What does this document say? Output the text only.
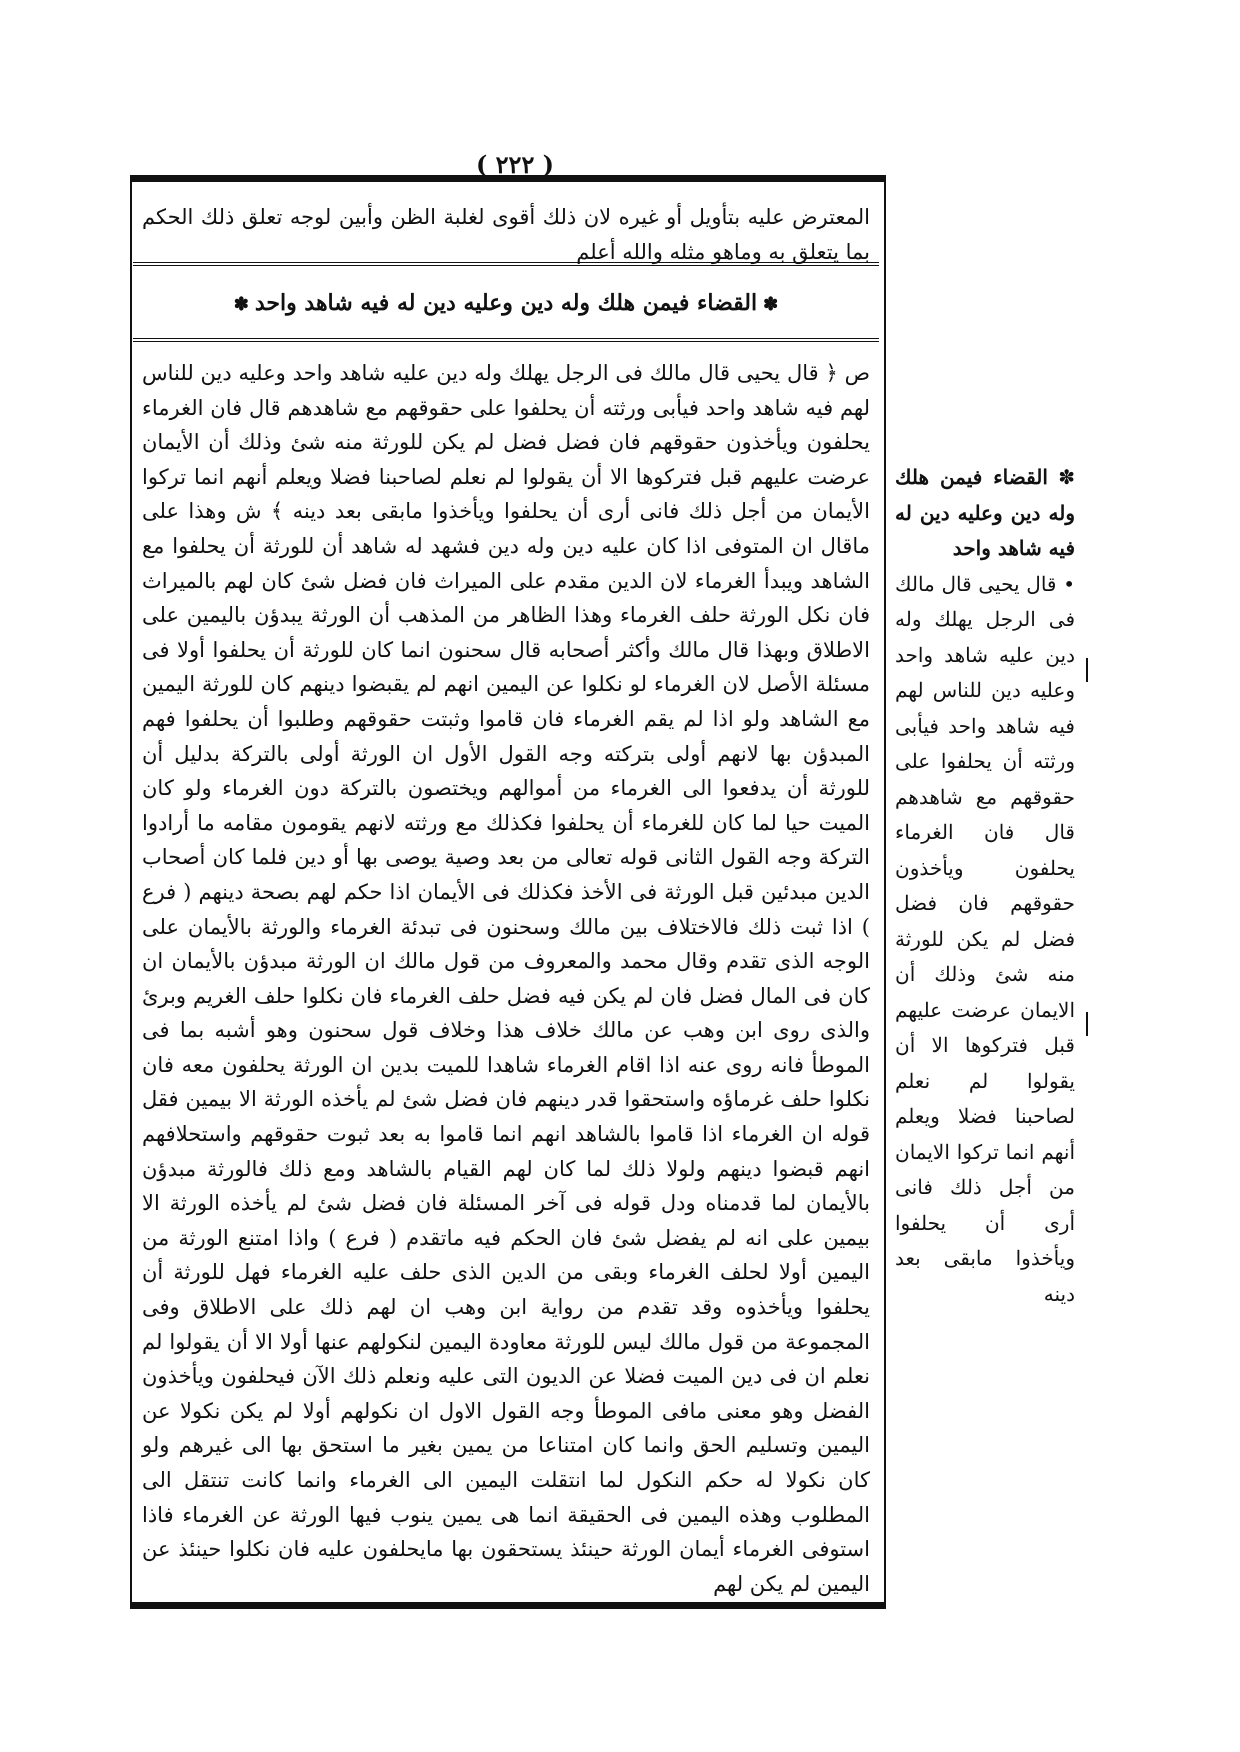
( ٢٢٢ )
المعترض عليه بتأويل أو غيره لان ذلك أقوى لغلبة الظن وأبين لوجه تعلق ذلك الحكم بما يتعلق به وماهو مثله والله أعلم
✽القضاء فيمن هلك وله دين وعليه دين له فيه شاهد واحد✽
ص ﴿ قال يحيى قال مالك فى الرجل يهلك وله دين عليه شاهد واحد وعليه دين للناس لهم فيه شاهد واحد فيأبى ورثته أن يحلفوا على حقوقهم مع شاهدهم قال فان الغرماء يحلفون ويأخذون حقوقهم فان فضل فضل لم يكن للورثة منه شئ وذلك أن الأيمان عرضت عليهم قبل فتركوها الا أن يقولوا لم نعلم لصاحبنا فضلا ويعلم أنهم انما تركوا الأيمان من أجل ذلك فانى أرى أن يحلفوا ويأخذوا مابقى بعد دينه ﴾ ش وهذا على ماقال ان المتوفى اذا كان عليه دين وله دين فشهد له شاهد أن للورثة أن يحلفوا مع الشاهد ويبدأ الغرماء لان الدين مقدم على الميراث فان فضل شئ كان لهم بالميراث فان نكل الورثة حلف الغرماء وهذا الظاهر من المذهب أن الورثة يبدؤن باليمين على الاطلاق وبهذا قال مالك وأكثر أصحابه قال سحنون انما كان للورثة أن يحلفوا أولا فى مسئلة الأصل لان الغرماء لو نكلوا عن اليمين انهم لم يقبضوا دينهم كان للورثة اليمين مع الشاهد ولو اذا لم يقم الغرماء فان قاموا وثبتت حقوقهم وطلبوا أن يحلفوا فهم المبدؤن بها لانهم أولى بتركته وجه القول الأول ان الورثة أولى بالتركة بدليل أن للورثة أن يدفعوا الى الغرماء من أموالهم ويختصون بالتركة دون الغرماء ولو كان الميت حيا لما كان للغرماء أن يحلفوا فكذلك مع ورثته لانهم يقومون مقامه ما أرادوا التركة وجه القول الثانى قوله تعالى من بعد وصية يوصى بها أو دين فلما كان أصحاب الدين مبدئين قبل الورثة فى الأخذ فكذلك فى الأيمان اذا حكم لهم بصحة دينهم ( فرع ) اذا ثبت ذلك فالاختلاف بين مالك وسحنون فى تبدئة الغرماء والورثة بالأيمان على الوجه الذى تقدم وقال محمد والمعروف من قول مالك ان الورثة مبدؤن بالأيمان ان كان فى المال فضل فان لم يكن فيه فضل حلف الغرماء فان نكلوا حلف الغريم وبرئ والذى روى ابن وهب عن مالك خلاف هذا وخلاف قول سحنون وهو أشبه بما فى الموطأ فانه روى عنه اذا اقام الغرماء شاهدا للميت بدين ان الورثة يحلفون معه فان نكلوا حلف غرماؤه واستحقوا قدر دينهم فان فضل شئ لم يأخذه الورثة الا بيمين فقل قوله ان الغرماء اذا قاموا بالشاهد انهم انما قاموا به بعد ثبوت حقوقهم واستحلافهم انهم قبضوا دينهم ولولا ذلك لما كان لهم القيام بالشاهد ومع ذلك فالورثة مبدؤن بالأيمان لما قدمناه ودل قوله فى آخر المسئلة فان فضل شئ لم يأخذه الورثة الا بيمين على انه لم يفضل شئ فان الحكم فيه ماتقدم ( فرع ) واذا امتنع الورثة من اليمين أولا لحلف الغرماء وبقى من الدين الذى حلف عليه الغرماء فهل للورثة أن يحلفوا ويأخذوه وقد تقدم من رواية ابن وهب ان لهم ذلك على الاطلاق وفى المجموعة من قول مالك ليس للورثة معاودة اليمين لنكولهم عنها أولا الا أن يقولوا لم نعلم ان فى دين الميت فضلا عن الديون التى عليه ونعلم ذلك الآن فيحلفون ويأخذون الفضل وهو معنى مافى الموطأ وجه القول الاول ان نكولهم أولا لم يكن نكولا عن اليمين وتسليم الحق وانما كان امتناعا من يمين بغير ما استحق بها الى غيرهم ولو كان نكولا له حكم النكول لما انتقلت اليمين الى الغرماء وانما كانت تنتقل الى المطلوب وهذه اليمين فى الحقيقة انما هى يمين ينوب فيها الورثة عن الغرماء فاذا استوفى الغرماء أيمان الورثة حينئذ يستحقون بها مايحلفون عليه فان نكلوا حينئذ عن اليمين لم يكن لهم
✽ القضاء فيمن هلك وله دين وعليه دين له فيه شاهد واحد
• قال يحيى قال مالك فى الرجل يهلك وله دين عليه شاهد واحد وعليه دين للناس لهم فيه شاهد واحد فيأبى ورثته أن يحلفوا على حقوقهم مع شاهدهم قال فان الغرماء يحلفون ويأخذون حقوقهم فان فضل فضل لم يكن للورثة منه شئ وذلك أن الايمان عرضت عليهم قبل فتركوها الا أن يقولوا لم نعلم لصاحبنا فضلا ويعلم أنهم انما تركوا الايمان من أجل ذلك فانى أرى أن يحلفوا ويأخذوا مابقى بعد دينه
